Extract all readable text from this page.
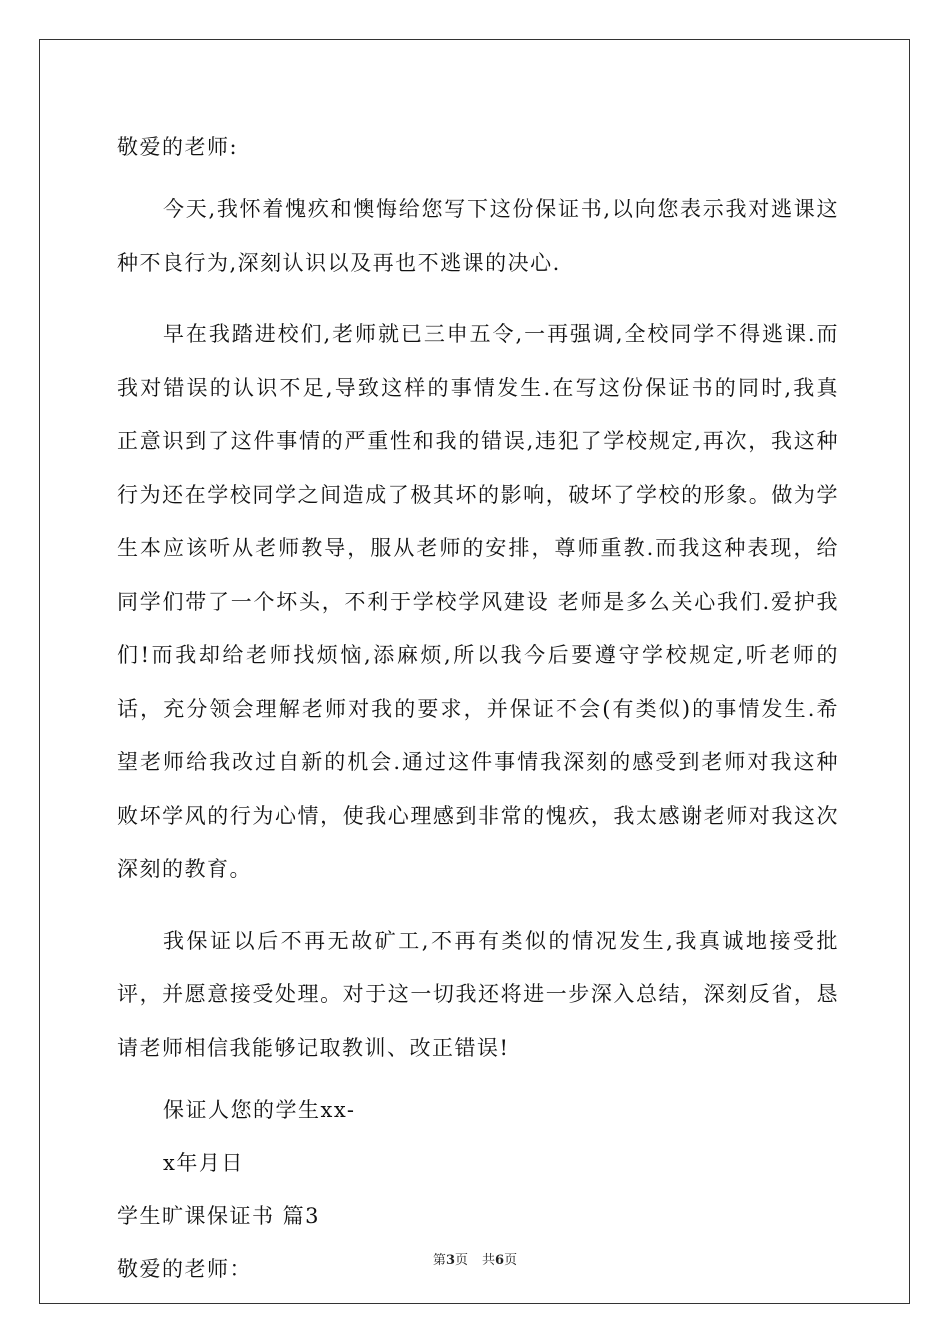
敬爱的老师:

今天,我怀着愧疚和懊悔给您写下这份保证书,以向您表示我对逃课这种不良行为,深刻认识以及再也不逃课的决心.

早在我踏进校们,老师就已三申五令,一再强调,全校同学不得逃课.而我对错误的认识不足,导致这样的事情发生.在写这份保证书的同时,我真正意识到了这件事情的严重性和我的错误,违犯了学校规定,再次，我这种行为还在学校同学之间造成了极其坏的影响，破坏了学校的形象。做为学生本应该听从老师教导，服从老师的安排，尊师重教.而我这种表现，给同学们带了一个坏头，不利于学校学风建设 老师是多么关心我们.爱护我们!而我却给老师找烦恼,添麻烦,所以我今后要遵守学校规定,听老师的话，充分领会理解老师对我的要求，并保证不会(有类似)的事情发生.希望老师给我改过自新的机会.通过这件事情我深刻的感受到老师对我这种败坏学风的行为心情，使我心理感到非常的愧疚，我太感谢老师对我这次深刻的教育。

我保证以后不再无故矿工,不再有类似的情况发生,我真诚地接受批评，并愿意接受处理。对于这一切我还将进一步深入总结，深刻反省，恳请老师相信我能够记取教训、改正错误!

保证人您的学生xx-
x年月日
学生旷课保证书 篇3
敬爱的老师：	第3页 共6页
